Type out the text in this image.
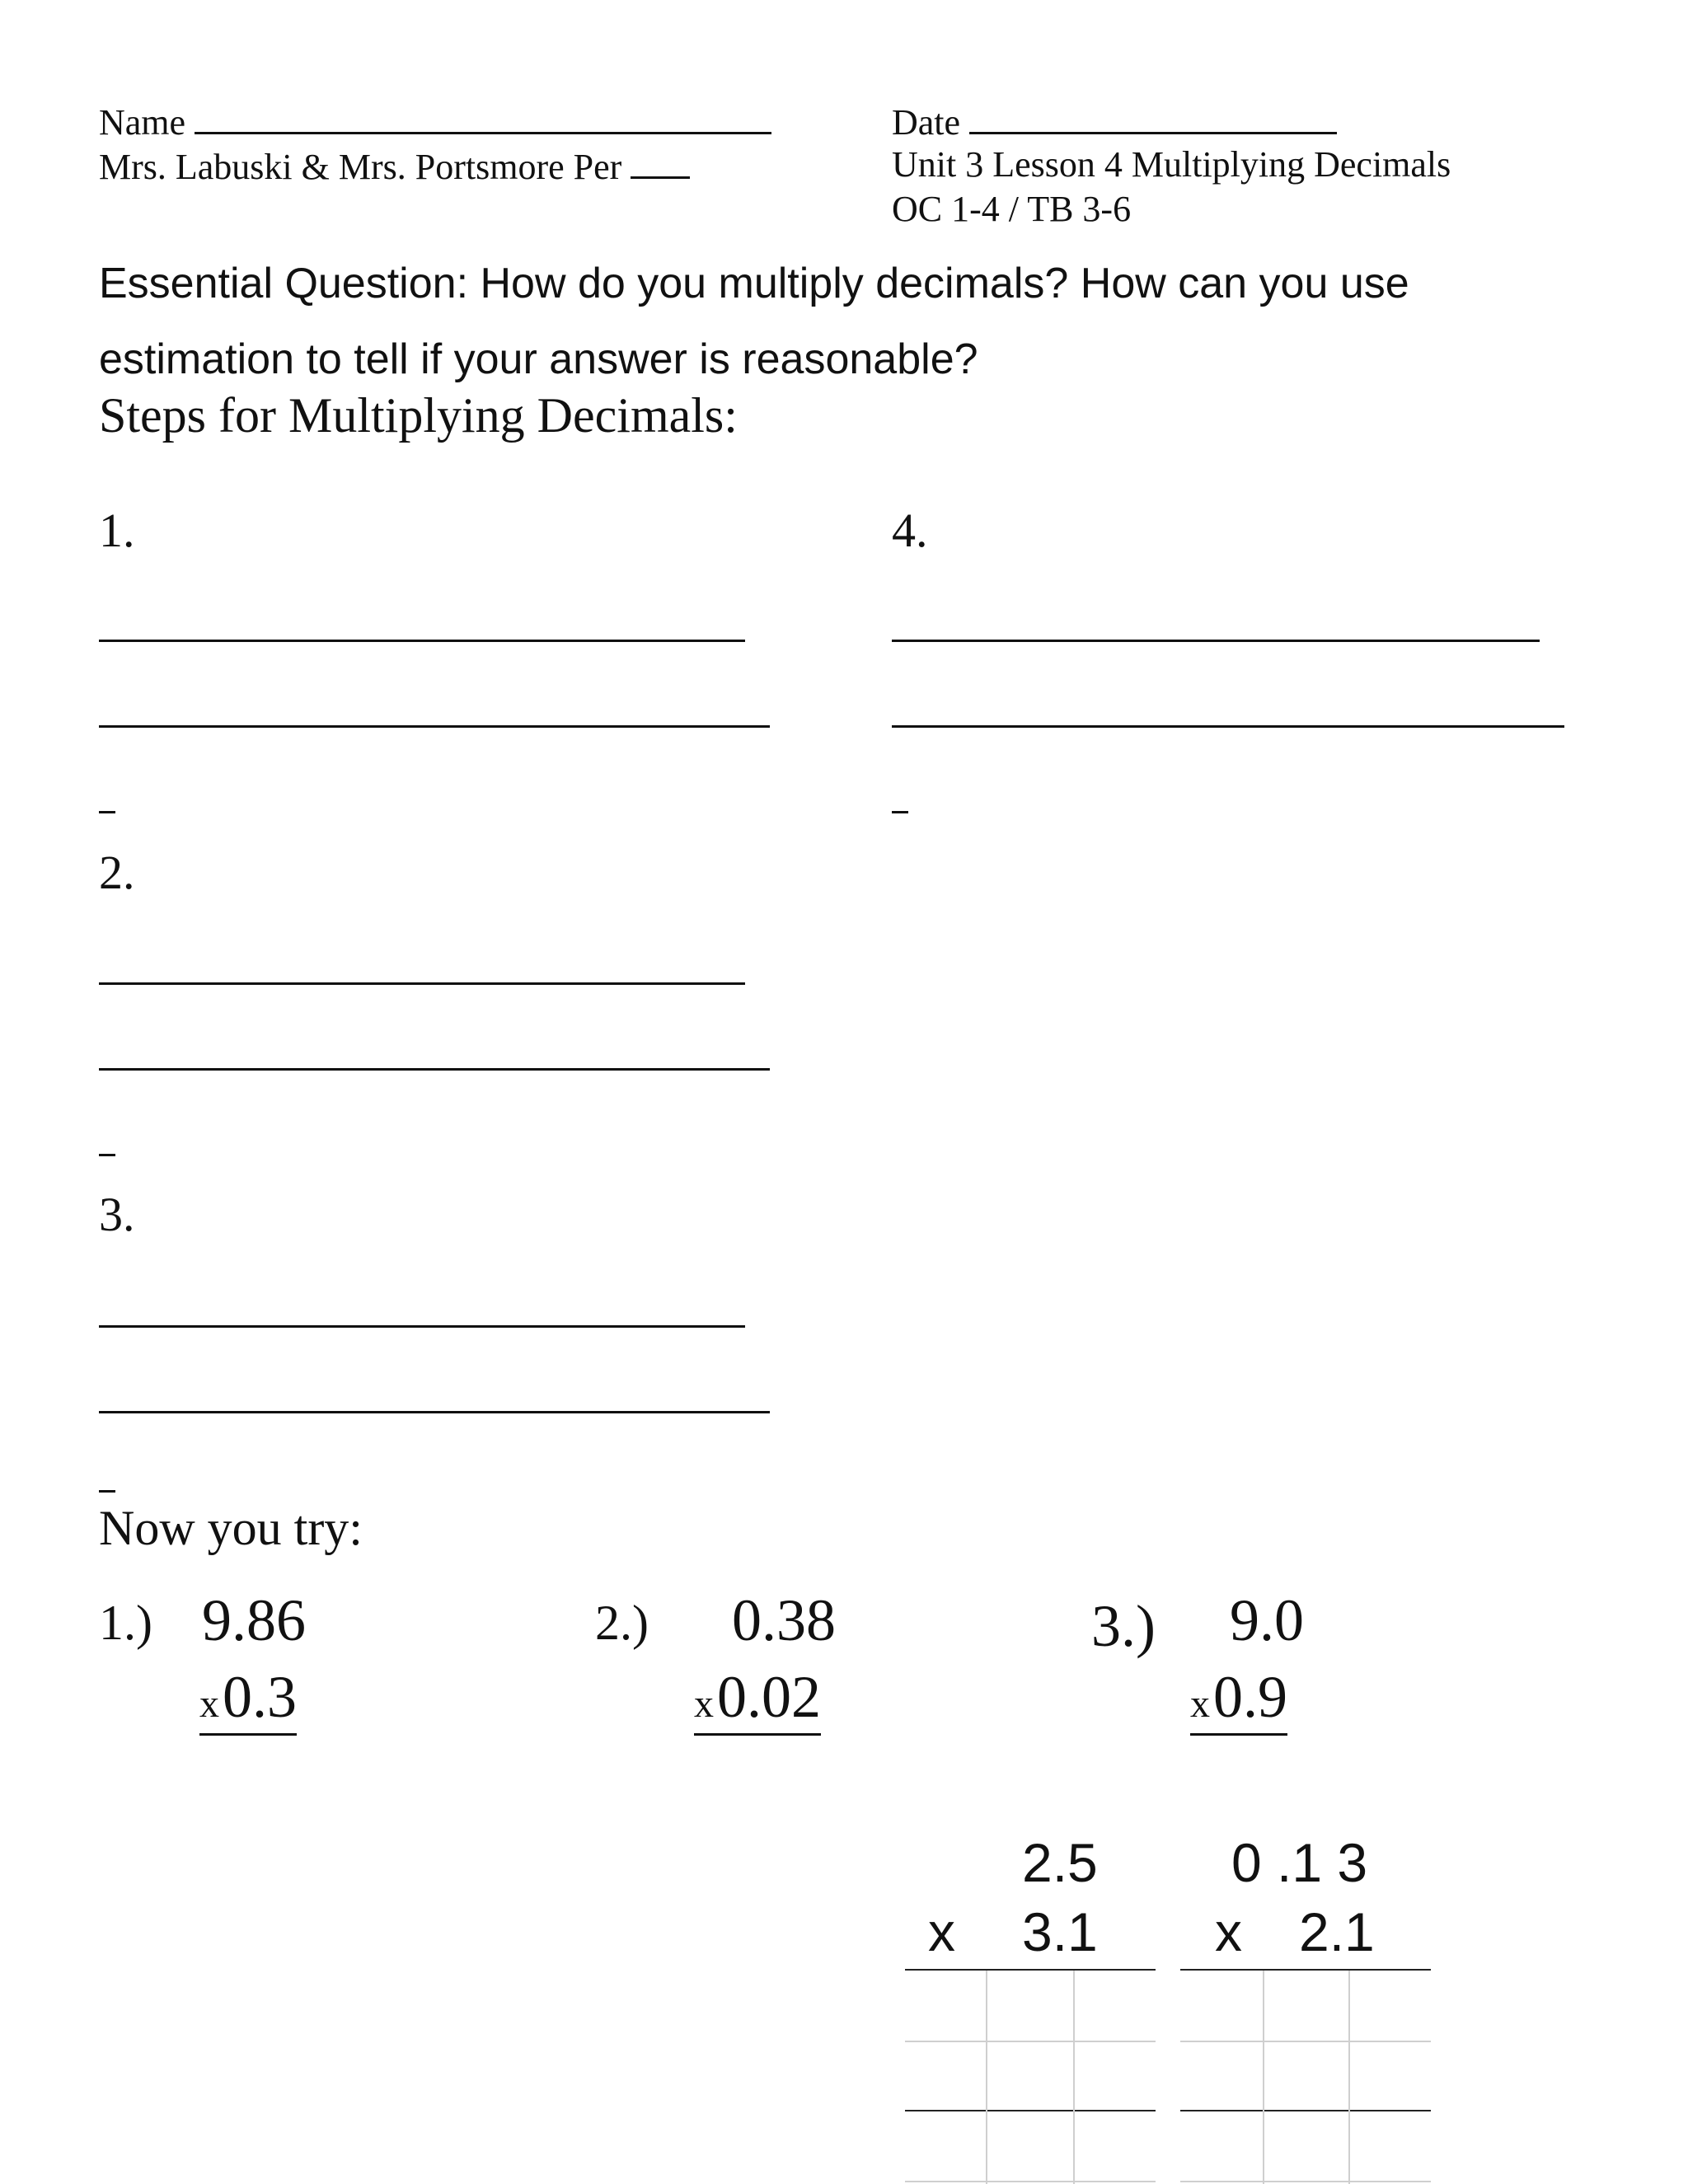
Name
Mrs. Labuski & Mrs. Portsmore Per
Date
Unit 3 Lesson 4 Multiplying Decimals
OC 1-4 / TB 3-6
Essential Question: How do you multiply decimals? How can you use estimation to tell if your answer is reasonable?
Steps for Multiplying Decimals:
1.	4.
2.
3.
Now you try:
1.) 9.86
x 0.3
2.) 0.38
x 0.02
3.) 9.0
x 0.9
2.5
x 3.1
0 .1 3
x 2.1
